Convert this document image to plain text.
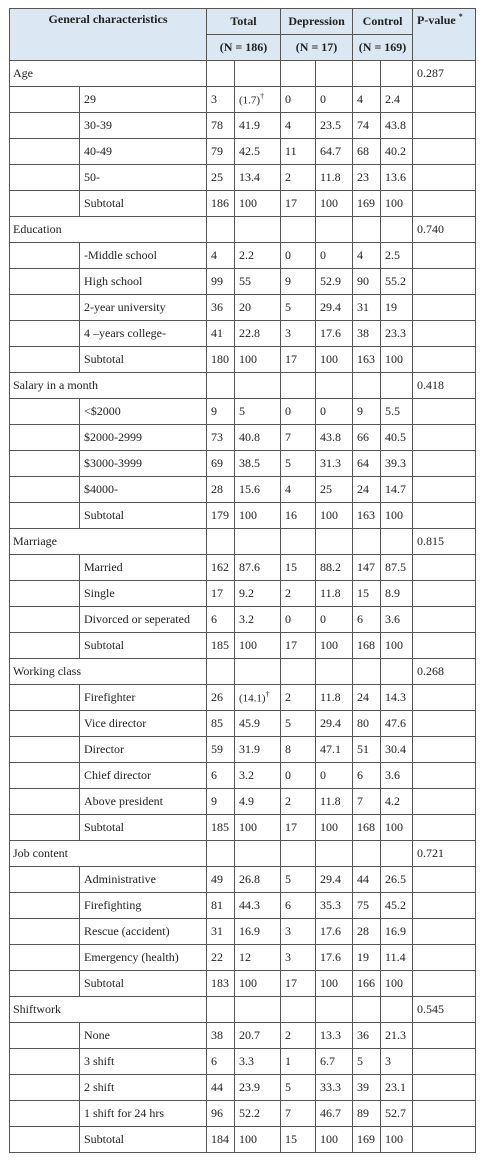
General characteristics		Total		Depression		Control		P-value *
		(N = 186)		(N = 17)		(N = 169)		
Age								0.287
	29	3	(1.7)†	0	0	4	2.4	
	30-39	78	41.9	4	23.5	74	43.8	
	40-49	79	42.5	11	64.7	68	40.2	
	50-	25	13.4	2	11.8	23	13.6	
	Subtotal	186	100	17	100	169	100	
Education								0.740
	-Middle school	4	2.2	0	0	4	2.5	
	High school	99	55	9	52.9	90	55.2	
	2-year university	36	20	5	29.4	31	19	
	4 –years college-	41	22.8	3	17.6	38	23.3	
	Subtotal	180	100	17	100	163	100	
Salary in a month								0.418
	<$2000	9	5	0	0	9	5.5	
	$2000-2999	73	40.8	7	43.8	66	40.5	
	$3000-3999	69	38.5	5	31.3	64	39.3	
	$4000-	28	15.6	4	25	24	14.7	
	Subtotal	179	100	16	100	163	100	
Marriage								0.815
	Married	162	87.6	15	88.2	147	87.5	
	Single	17	9.2	2	11.8	15	8.9	
	Divorced or seperated	6	3.2	0	0	6	3.6	
	Subtotal	185	100	17	100	168	100	
Working class								0.268
	Firefighter	26	(14.1)†	2	11.8	24	14.3	
	Vice director	85	45.9	5	29.4	80	47.6	
	Director	59	31.9	8	47.1	51	30.4	
	Chief director	6	3.2	0	0	6	3.6	
	Above president	9	4.9	2	11.8	7	4.2	
	Subtotal	185	100	17	100	168	100	
Job content								0.721
	Administrative	49	26.8	5	29.4	44	26.5	
	Firefighting	81	44.3	6	35.3	75	45.2	
	Rescue (accident)	31	16.9	3	17.6	28	16.9	
	Emergency (health)	22	12	3	17.6	19	11.4	
	Subtotal	183	100	17	100	166	100	
Shiftwork								0.545
	None	38	20.7	2	13.3	36	21.3	
	3 shift	6	3.3	1	6.7	5	3	
	2 shift	44	23.9	5	33.3	39	23.1	
	1 shift for 24 hrs	96	52.2	7	46.7	89	52.7	
	Subtotal	184	100	15	100	169	100	
